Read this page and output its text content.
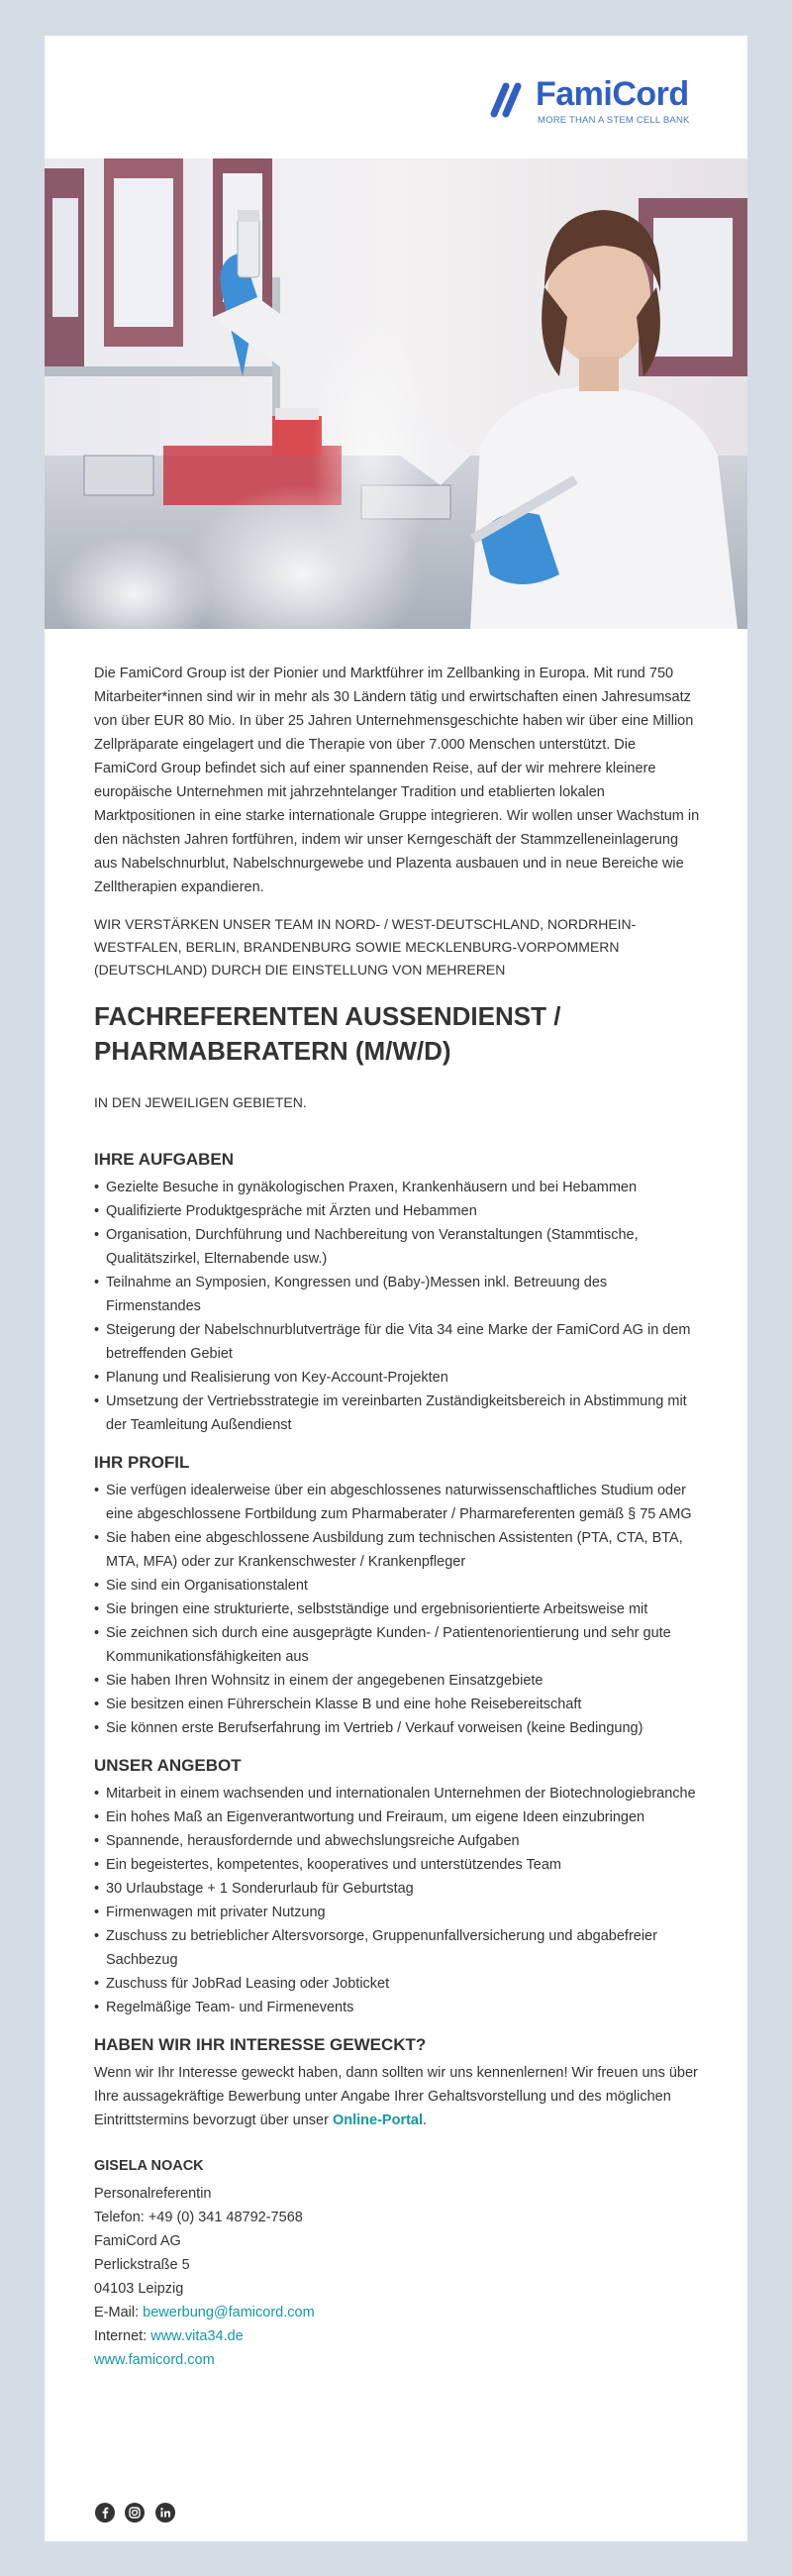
FamiCord
MORE THAN A STEM CELL BANK

Die FamiCord Group ist der Pionier und Marktführer im Zellbanking in Europa. Mit rund 750 Mitarbeiter*innen sind wir in mehr als 30 Ländern tätig und erwirtschaften einen Jahresumsatz von über EUR 80 Mio. In über 25 Jahren Unternehmensgeschichte haben wir über eine Million Zellpräparate eingelagert und die Therapie von über 7.000 Menschen unterstützt. Die FamiCord Group befindet sich auf einer spannenden Reise, auf der wir mehrere kleinere europäische Unternehmen mit jahrzehntelanger Tradition und etablierten lokalen Marktpositionen in eine starke internationale Gruppe integrieren. Wir wollen unser Wachstum in den nächsten Jahren fortführen, indem wir unser Kerngeschäft der Stammzelleneinlagerung aus Nabelschnurblut, Nabelschnurgewebe und Plazenta ausbauen und in neue Bereiche wie Zelltherapien expandieren.

WIR VERSTÄRKEN UNSER TEAM IN NORD- / WEST-DEUTSCHLAND, NORDRHEIN-WESTFALEN, BERLIN, BRANDENBURG SOWIE MECKLENBURG-VORPOMMERN (DEUTSCHLAND) DURCH DIE EINSTELLUNG VON MEHREREN

FACHREFERENTEN AUSSENDIENST / PHARMABERATERN (M/W/D)

IN DEN JEWEILIGEN GEBIETEN.

IHRE AUFGABEN
• Gezielte Besuche in gynäkologischen Praxen, Krankenhäusern und bei Hebammen
• Qualifizierte Produktgespräche mit Ärzten und Hebammen
• Organisation, Durchführung und Nachbereitung von Veranstaltungen (Stammtische, Qualitätszirkel, Elternabende usw.)
• Teilnahme an Symposien, Kongressen und (Baby-)Messen inkl. Betreuung des Firmenstandes
• Steigerung der Nabelschnurblutverträge für die Vita 34 eine Marke der FamiCord AG in dem betreffenden Gebiet
• Planung und Realisierung von Key-Account-Projekten
• Umsetzung der Vertriebsstrategie im vereinbarten Zuständigkeitsbereich in Abstimmung mit der Teamleitung Außendienst
IHR PROFIL
• Sie verfügen idealerweise über ein abgeschlossenes naturwissenschaftliches Studium oder eine abgeschlossene Fortbildung zum Pharmaberater / Pharmareferenten gemäß § 75 AMG
• Sie haben eine abgeschlossene Ausbildung zum technischen Assistenten (PTA, CTA, BTA, MTA, MFA) oder zur Krankenschwester / Krankenpfleger
• Sie sind ein Organisationstalent
• Sie bringen eine strukturierte, selbstständige und ergebnisorientierte Arbeitsweise mit
• Sie zeichnen sich durch eine ausgeprägte Kunden- / Patientenorientierung und sehr gute Kommunikationsfähigkeiten aus
• Sie haben Ihren Wohnsitz in einem der angegebenen Einsatzgebiete
• Sie besitzen einen Führerschein Klasse B und eine hohe Reisebereitschaft
• Sie können erste Berufserfahrung im Vertrieb / Verkauf vorweisen (keine Bedingung)
UNSER ANGEBOT
• Mitarbeit in einem wachsenden und internationalen Unternehmen der Biotechnologiebranche
• Ein hohes Maß an Eigenverantwortung und Freiraum, um eigene Ideen einzubringen
• Spannende, herausfordernde und abwechslungsreiche Aufgaben
• Ein begeistertes, kompetentes, kooperatives und unterstützendes Team
• 30 Urlaubstage + 1 Sonderurlaub für Geburtstag
• Firmenwagen mit privater Nutzung
• Zuschuss zu betrieblicher Altersvorsorge, Gruppenunfallversicherung und abgabefreier Sachbezug
• Zuschuss für JobRad Leasing oder Jobticket
• Regelmäßige Team- und Firmenevents
HABEN WIR IHR INTERESSE GEWECKT?

Wenn wir Ihr Interesse geweckt haben, dann sollten wir uns kennenlernen! Wir freuen uns über Ihre aussagekräftige Bewerbung unter Angabe Ihrer Gehaltsvorstellung und des möglichen Eintrittstermins bevorzugt über unser Online-Portal.

GISELA NOACK

Personalreferentin

Telefon: +49 (0) 341 48792-7568

FamiCord AG

Perlickstraße 5

04103 Leipzig

E-Mail: bewerbung@famicord.com

Internet: www.vita34.de

www.famicord.com
